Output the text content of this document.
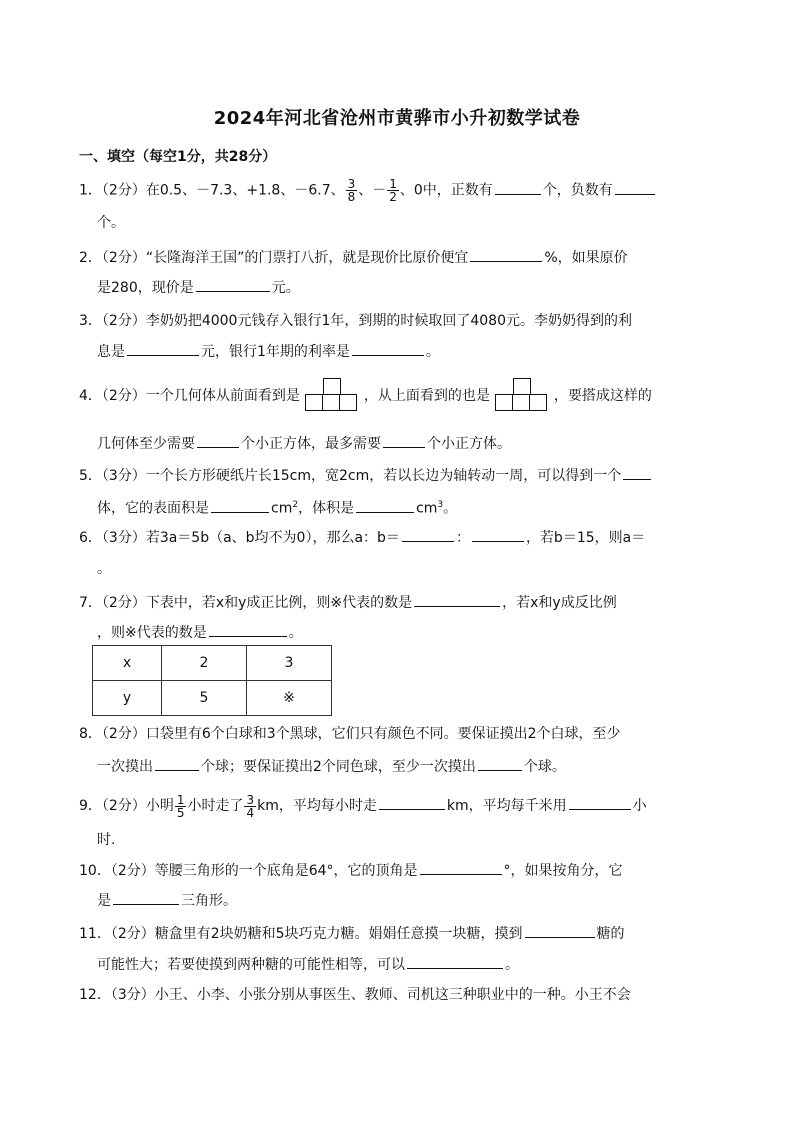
2024年河北省沧州市黄骅市小升初数学试卷
一、填空（每空1分，共28分）
1．（2分）在0.5、－7.3、+1.8、－6.7、 $\frac{3}{8}$ 、－ $\frac{1}{2}$ 、0中，正数有	个，负数有
个。
2．（2分）“长隆海洋王国”的门票打八折，就是现价比原价便宜	%，如果原价
是280，现价是	元。
3．（2分）李奶奶把4000元钱存入银行1年，到期的时候取回了4080元。李奶奶得到的利
息是	元，银行1年期的利率是	。
4．（2分）一个几何体从前面看到是	，从上面看到的也是	，要搭成这样的
几何体至少需要	个小正方体，最多需要	个小正方体。
5．（3分）一个长方形硬纸片长15cm，宽2cm，若以长边为轴转动一周，可以得到一个
体，它的表面积是	$cm^2$，体积是	$cm^3$。
6．（3分）若3a＝5b（a、b均不为0），那么a：b＝	：	，若b＝15，则a＝
。
7．（2分）下表中，若x和y成正比例，则※代表的数是	，若x和y成反比例
，则※代表的数是	。
x	2	3
y	5	※
8．（2分）口袋里有6个白球和3个黑球，它们只有颜色不同。要保证摸出2个白球，至少
一次摸出	个球；要保证摸出2个同色球，至少一次摸出	个球。
9．（2分）小明 $\frac{1}{5}$ 小时走了 $\frac{3}{4}$ km，平均每小时走	km，平均每千米用	小
时.
10．（2分）等腰三角形的一个底角是64°，它的顶角是	°，如果按角分，它
是	三角形。
11．（2分）糖盒里有2块奶糖和5块巧克力糖。娟娟任意摸一块糖，摸到	糖的
可能性大；若要使摸到两种糖的可能性相等，可以	。
12．（3分）小王、小李、小张分别从事医生、教师、司机这三种职业中的一种。小王不会
